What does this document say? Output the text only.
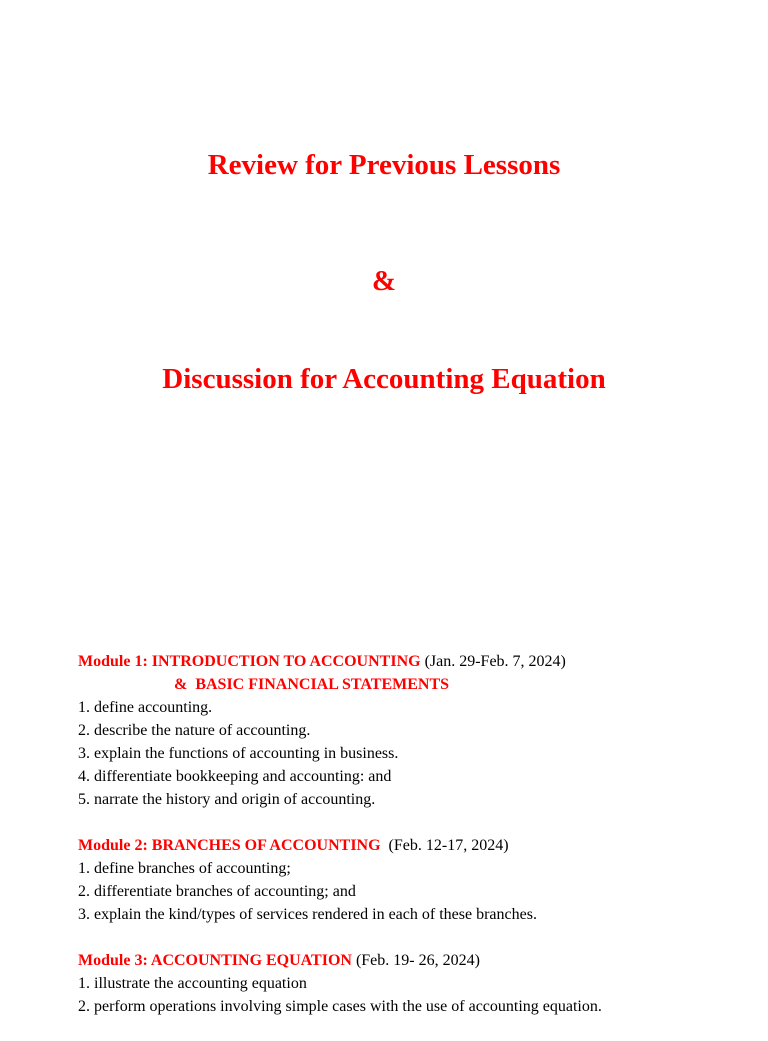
Review for Previous Lessons
&
Discussion for Accounting Equation

Module 1: INTRODUCTION TO ACCOUNTING (Jan. 29-Feb. 7, 2024)

&  BASIC FINANCIAL STATEMENTS

1. define accounting.
2. describe the nature of accounting.
3. explain the functions of accounting in business.
4. differentiate bookkeeping and accounting: and
5. narrate the history and origin of accounting.

Module 2: BRANCHES OF ACCOUNTING (Feb. 12-17, 2024)

1. define branches of accounting;
2. differentiate branches of accounting; and
3. explain the kind/types of services rendered in each of these branches.

Module 3: ACCOUNTING EQUATION (Feb. 19- 26, 2024)

1. illustrate the accounting equation
2. perform operations involving simple cases with the use of accounting equation.
